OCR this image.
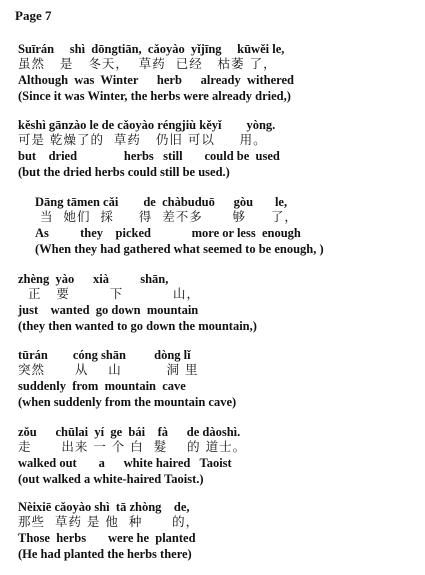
Page 7
Suīrán     shì  dōngtiān,  cǎoyào  yǐjīng     kūwěi le,
虽然   是   冬天，  草药  已经   枯萎 了，
Although  was  Winter      herb      already  withered
(Since it was Winter, the herbs were already dried,)
kěshì gānzào le de cǎoyào réngjiù kěyǐ        yòng.
可是 乾燥了的  草药   仍旧 可以     用。
but    dried               herbs   still       could be  used
(but the dried herbs could still be used.)
Dāng tāmen cǎi        de  chàbuduō      gòu       le,
当  她们  採     得  差不多      够     了，
As          they    picked             more or less  enough
(When they had gathered what seemed to be enough, )
zhèng  yào      xià          shān,
正   要        下          山，
just    wanted  go down  mountain
(they then wanted to go down the mountain,)
tūrán        cóng shān         dòng lǐ
突然      从    山         洞 里
suddenly  from  mountain  cave
(when suddenly from the mountain cave)
zǒu      chūlai  yí  ge  bái    fà      de dàoshì.
走      出来 一 个 白  髮    的 道士。
walked out       a      white haired   Taoist
(out walked a white-haired Taoist.)
Nèixiē cǎoyào shì  tā zhòng    de,
那些  草药 是 他  种      的，
Those  herbs       were he  planted
(He had planted the herbs there)
